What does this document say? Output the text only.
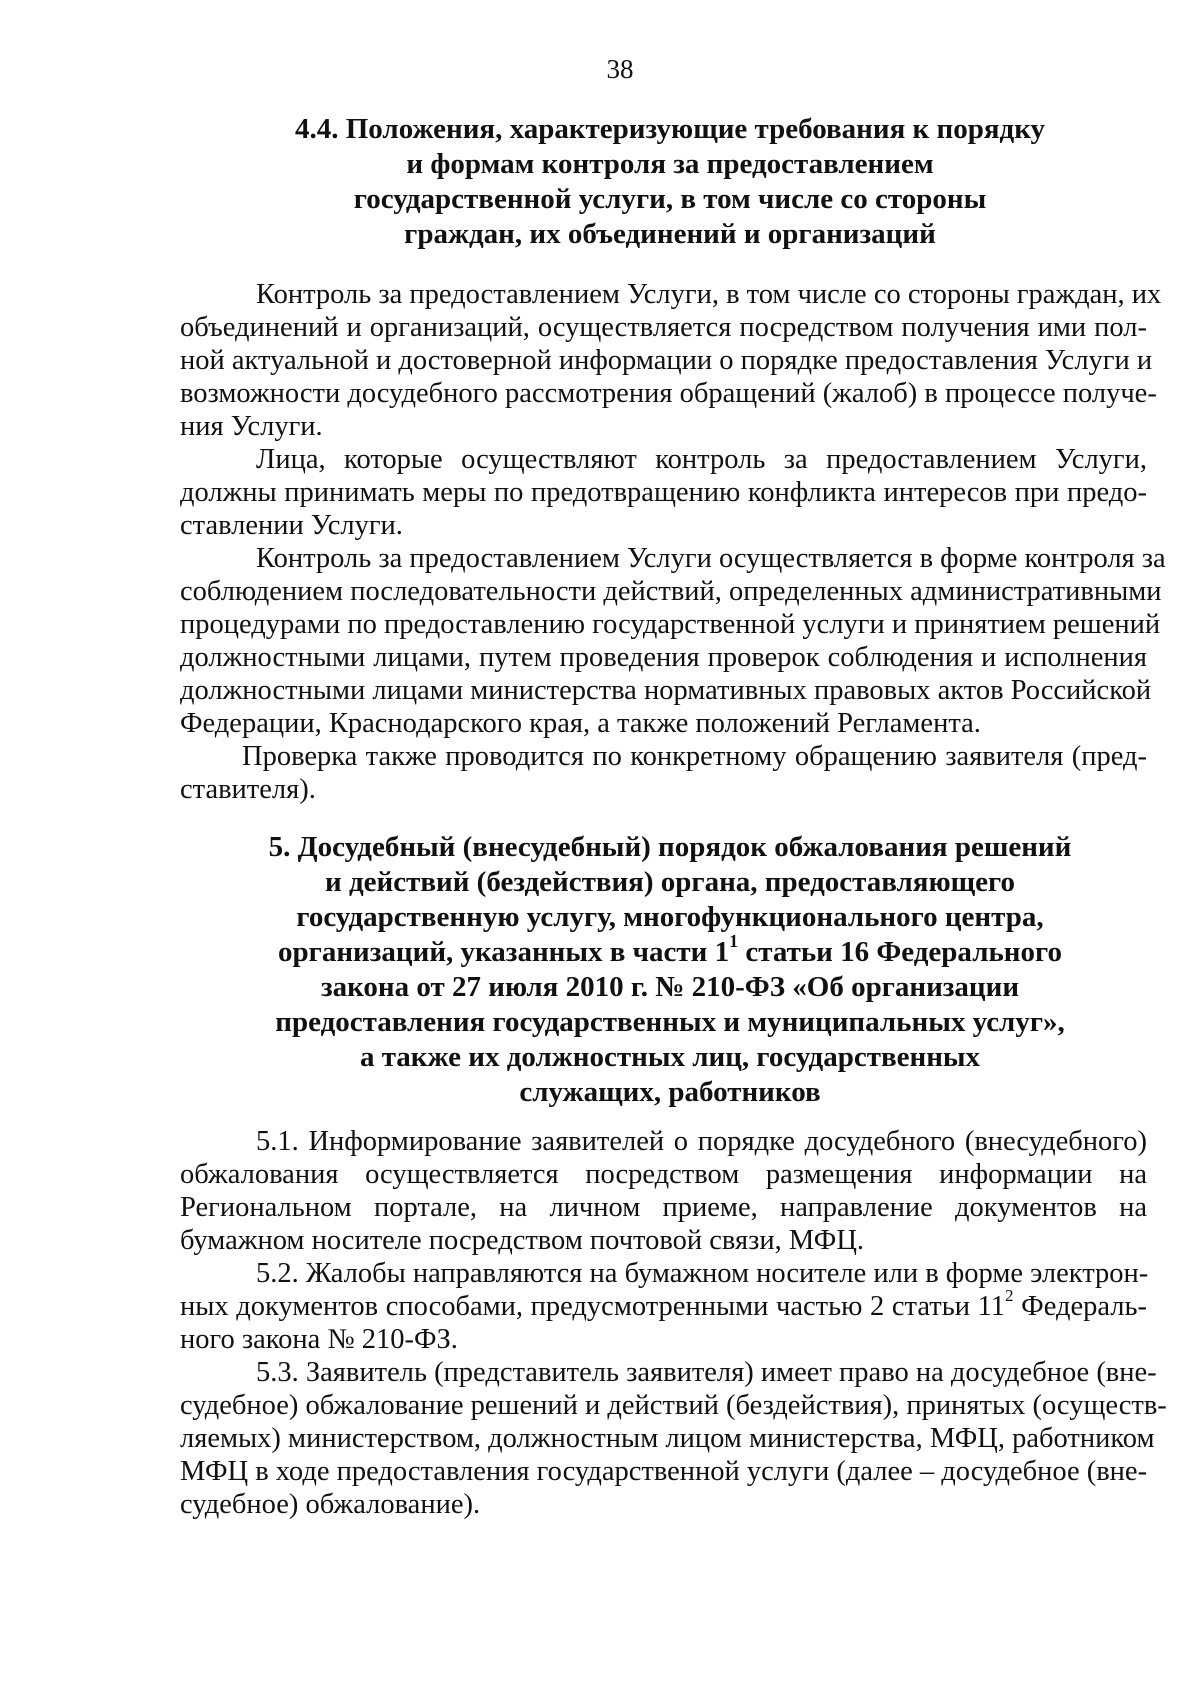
38
4.4. Положения, характеризующие требования к порядку
и формам контроля за предоставлением
государственной услуги, в том числе со стороны
граждан, их объединений и организаций
Контроль за предоставлением Услуги, в том числе со стороны граждан, их
объединений и организаций, осуществляется посредством получения ими пол-
ной актуальной и достоверной информации о порядке предоставления Услуги и
возможности досудебного рассмотрения обращений (жалоб) в процессе получе-
ния Услуги.
Лица, которые осуществляют контроль за предоставлением Услуги,
должны принимать меры по предотвращению конфликта интересов при предо-
ставлении Услуги.
Контроль за предоставлением Услуги осуществляется в форме контроля за
соблюдением последовательности действий, определенных административными
процедурами по предоставлению государственной услуги и принятием решений
должностными лицами, путем проведения проверок соблюдения и исполнения
должностными лицами министерства нормативных правовых актов Российской
Федерации, Краснодарского края, а также положений Регламента.
Проверка также проводится по конкретному обращению заявителя (пред-
ставителя).
5. Досудебный (внесудебный) порядок обжалования решений
и действий (бездействия) органа, предоставляющего
государственную услугу, многофункционального центра,
организаций, указанных в части $1^1$ статьи 16 Федерального
закона от 27 июля 2010 г. № 210-ФЗ «Об организации
предоставления государственных и муниципальных услуг»,
а также их должностных лиц, государственных
служащих, работников
5.1. Информирование заявителей о порядке досудебного (внесудебного)
обжалования осуществляется посредством размещения информации на
Региональном портале, на личном приеме, направление документов на
бумажном носителе посредством почтовой связи, МФЦ.
5.2. Жалобы направляются на бумажном носителе или в форме электрон-
ных документов способами, предусмотренными частью 2 статьи $11^2$ Федераль-
ного закона № 210-ФЗ.
5.3. Заявитель (представитель заявителя) имеет право на досудебное (вне-
судебное) обжалование решений и действий (бездействия), принятых (осуществ-
ляемых) министерством, должностным лицом министерства, МФЦ, работником
МФЦ в ходе предоставления государственной услуги (далее – досудебное (вне-
судебное) обжалование).
